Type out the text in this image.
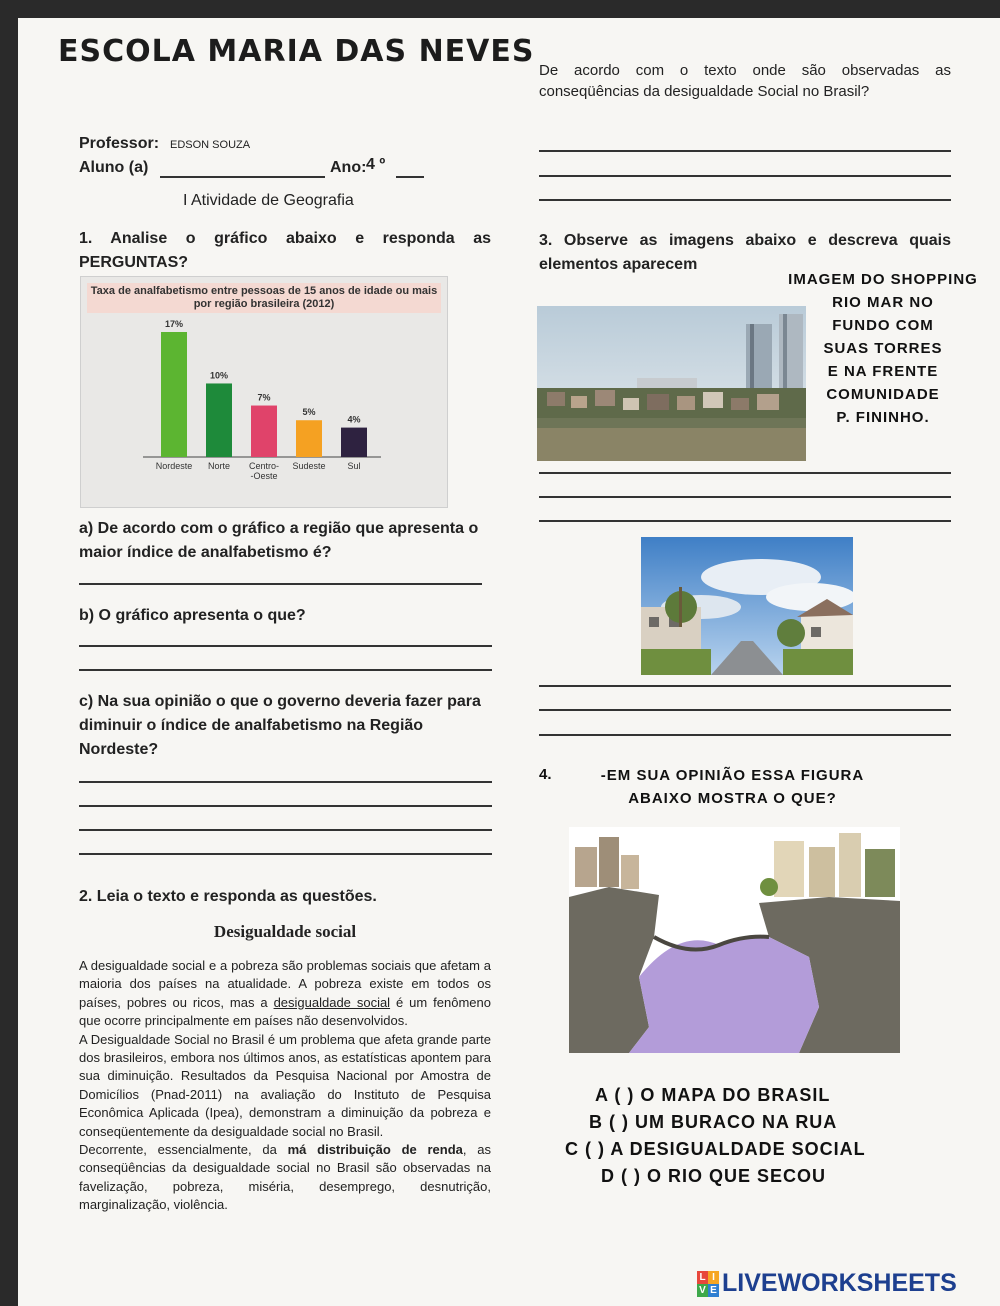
ESCOLA MARIA DAS NEVES
Professor: EDSON SOUZA
Aluno (a)	Ano: 4 º
I Atividade de Geografia
1. Analise o gráfico abaixo e responda as PERGUNTAS?
Taxa de analfabetismo entre pessoas de 15 anos de idade ou mais por região brasileira (2012)
17%
Nordeste
10%
Norte
7%
Centro-
-Oeste
5%
Sudeste
4%
Sul
a) De acordo com o gráfico a região que apresenta o maior índice de analfabetismo é?
b) O gráfico apresenta o que?
c) Na sua opinião o que o governo deveria fazer para diminuir o índice de analfabetismo na Região Nordeste?
2. Leia o texto e responda as questões.
Desigualdade social
A desigualdade social e a pobreza são problemas sociais que afetam a maioria dos países na atualidade. A pobreza existe em todos os países, pobres ou ricos, mas a desigualdade social é um fenômeno que ocorre principalmente em países não desenvolvidos.
A Desigualdade Social no Brasil é um problema que afeta grande parte dos brasileiros, embora nos últimos anos, as estatísticas apontem para sua diminuição. Resultados da Pesquisa Nacional por Amostra de Domicílios (Pnad-2011) na avaliação do Instituto de Pesquisa Econômica Aplicada (Ipea), demonstram a diminuição da pobreza e conseqüentemente da desigualdade social no Brasil.
Decorrente, essencialmente, da má distribuição de renda, as conseqüências da desigualdade social no Brasil são observadas na favelização, pobreza, miséria, desemprego, desnutrição, marginalização, violência.
De acordo com o texto onde são observadas as conseqüências da desigualdade Social no Brasil?
3. Observe as imagens abaixo e descreva quais elementos aparecem
IMAGEM DO SHOPPING
RIO MAR NO
FUNDO COM
SUAS TORRES
E NA FRENTE
COMUNIDADE
P. FININHO.
4.	-EM SUA OPINIÃO ESSA FIGURA
ABAIXO MOSTRA O QUE?
A ( ) O MAPA DO BRASIL
B ( ) UM BURACO NA RUA
C ( ) A DESIGUALDADE SOCIAL
D ( ) O RIO QUE SECOU
L I
V E LIVEWORKSHEETS
